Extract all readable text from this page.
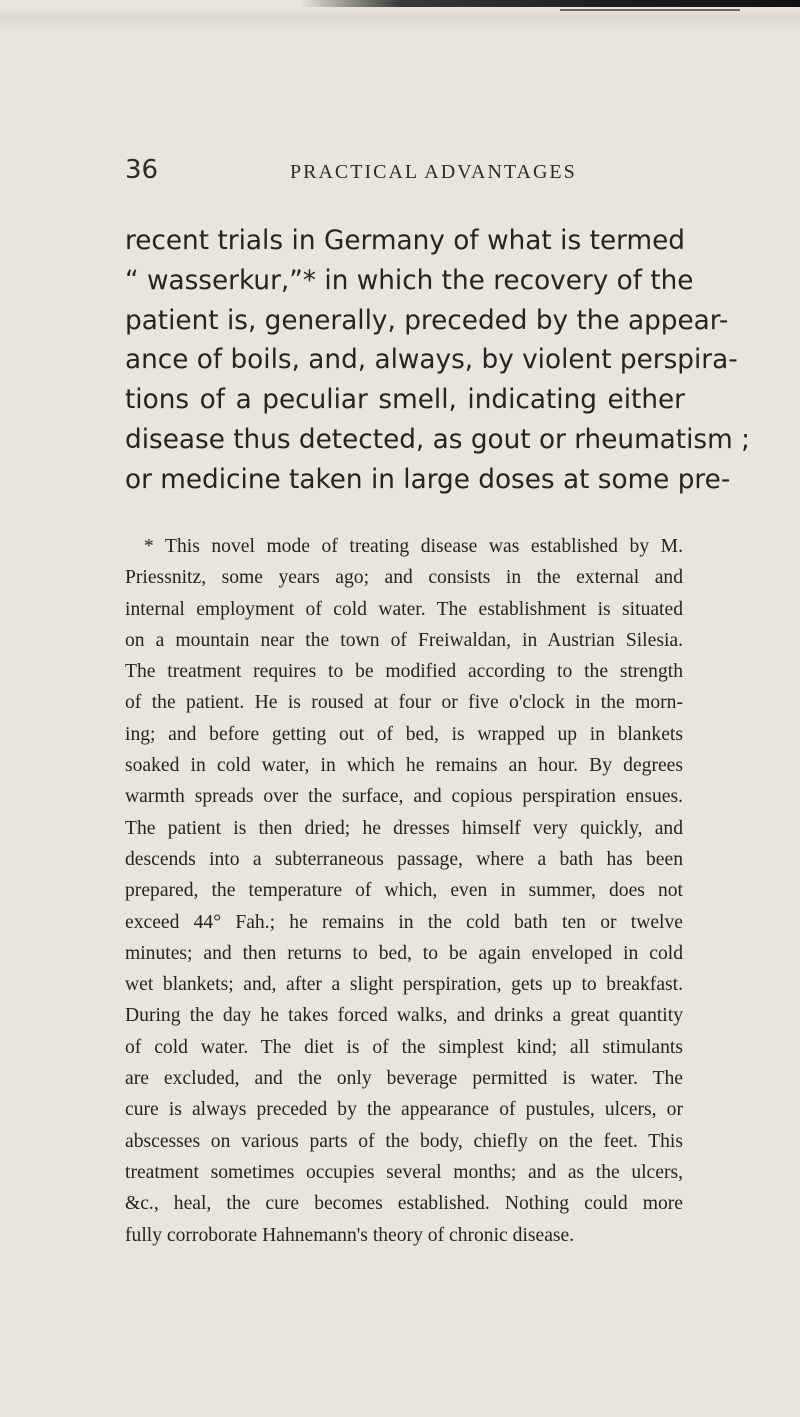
36	PRACTICAL ADVANTAGES
recent trials in Germany of what is termed
“ wasserkur,”* in which the recovery of the
patient is, generally, preceded by the appear-
ance of boils, and, always, by violent perspira-
tions of a peculiar smell, indicating either
disease thus detected, as gout or rheumatism ;
or medicine taken in large doses at some pre-
* This novel mode of treating disease was established by M.
Priessnitz, some years ago; and consists in the external and
internal employment of cold water. The establishment is situated
on a mountain near the town of Freiwaldan, in Austrian Silesia.
The treatment requires to be modified according to the strength
of the patient. He is roused at four or five o'clock in the morn-
ing; and before getting out of bed, is wrapped up in blankets
soaked in cold water, in which he remains an hour. By degrees
warmth spreads over the surface, and copious perspiration ensues.
The patient is then dried; he dresses himself very quickly, and
descends into a subterraneous passage, where a bath has been
prepared, the temperature of which, even in summer, does not
exceed 44° Fah.; he remains in the cold bath ten or twelve
minutes; and then returns to bed, to be again enveloped in cold
wet blankets; and, after a slight perspiration, gets up to breakfast.
During the day he takes forced walks, and drinks a great quantity
of cold water. The diet is of the simplest kind; all stimulants
are excluded, and the only beverage permitted is water. The
cure is always preceded by the appearance of pustules, ulcers, or
abscesses on various parts of the body, chiefly on the feet. This
treatment sometimes occupies several months; and as the ulcers,
&c., heal, the cure becomes established. Nothing could more
fully corroborate Hahnemann's theory of chronic disease.
